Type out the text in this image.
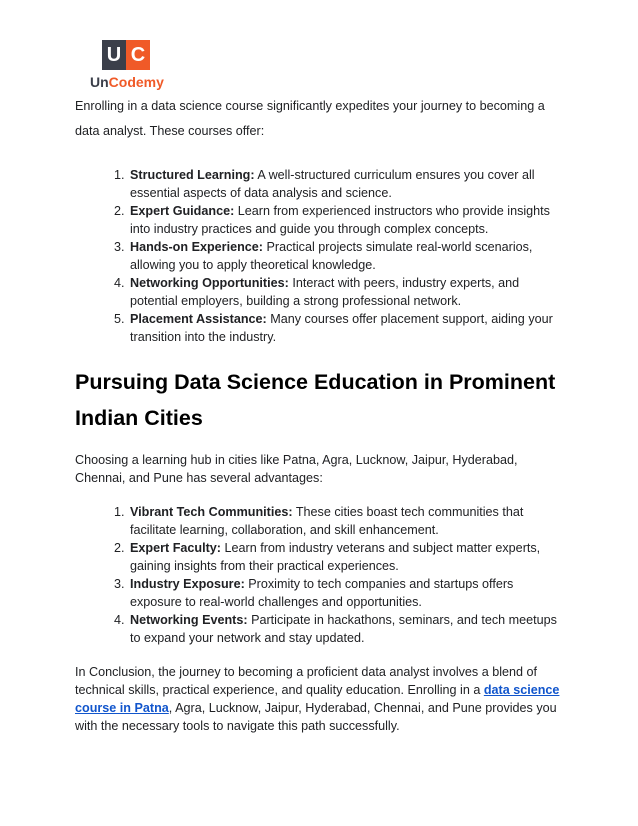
U C
UnCodemy

Enrolling in a data science course significantly expedites your journey to becoming a data analyst. These courses offer:

1. Structured Learning: A well-structured curriculum ensures you cover all essential aspects of data analysis and science.
2. Expert Guidance: Learn from experienced instructors who provide insights into industry practices and guide you through complex concepts.
3. Hands-on Experience: Practical projects simulate real-world scenarios, allowing you to apply theoretical knowledge.
4. Networking Opportunities: Interact with peers, industry experts, and potential employers, building a strong professional network.
5. Placement Assistance: Many courses offer placement support, aiding your transition into the industry.
Pursuing Data Science Education in Prominent Indian Cities

Choosing a learning hub in cities like Patna, Agra, Lucknow, Jaipur, Hyderabad, Chennai, and Pune has several advantages:

1. Vibrant Tech Communities: These cities boast tech communities that facilitate learning, collaboration, and skill enhancement.
2. Expert Faculty: Learn from industry veterans and subject matter experts, gaining insights from their practical experiences.
3. Industry Exposure: Proximity to tech companies and startups offers exposure to real-world challenges and opportunities.
4. Networking Events: Participate in hackathons, seminars, and tech meetups to expand your network and stay updated.

In Conclusion, the journey to becoming a proficient data analyst involves a blend of technical skills, practical experience, and quality education. Enrolling in a data science course in Patna, Agra, Lucknow, Jaipur, Hyderabad, Chennai, and Pune provides you with the necessary tools to navigate this path successfully.
